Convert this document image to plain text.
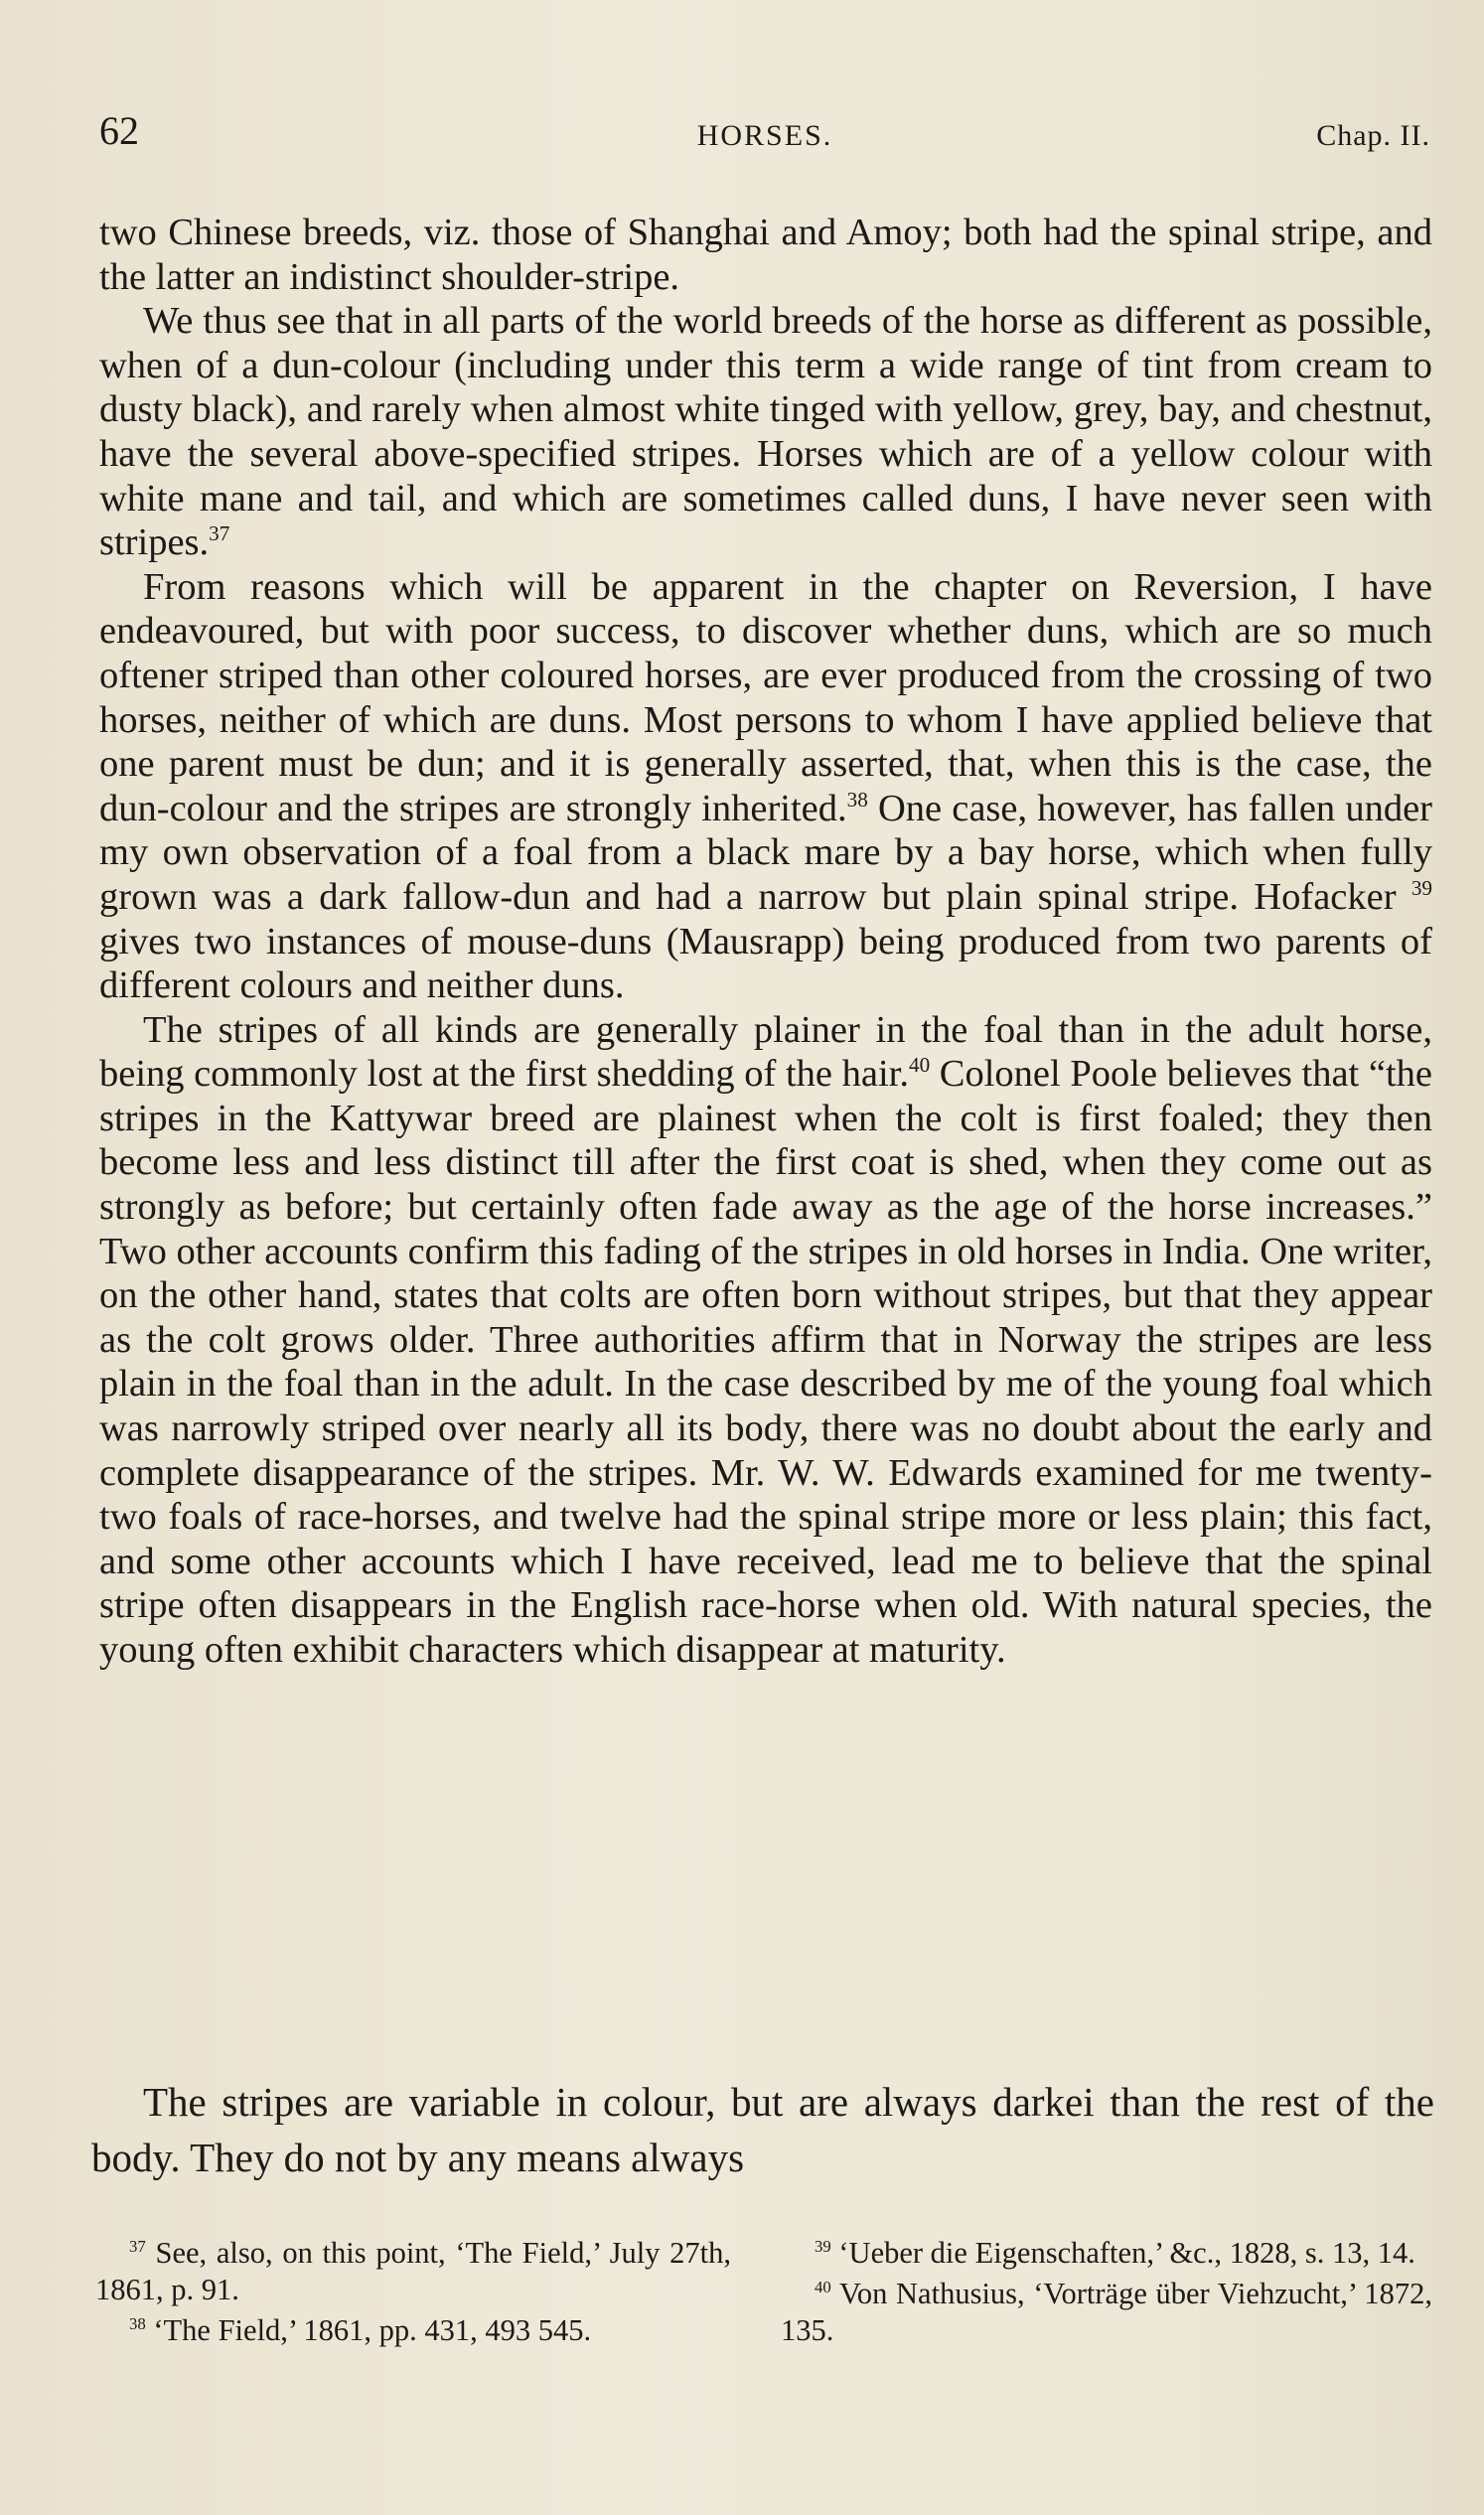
62	HORSES.	Chap. II.

two Chinese breeds, viz. those of Shanghai and Amoy; both had the spinal stripe, and the latter an indistinct shoulder-stripe.

We thus see that in all parts of the world breeds of the horse as different as possible, when of a dun-colour (including under this term a wide range of tint from cream to dusty black), and rarely when almost white tinged with yellow, grey, bay, and chestnut, have the several above-specified stripes. Horses which are of a yellow colour with white mane and tail, and which are sometimes called duns, I have never seen with stripes.$^{37}$

From reasons which will be apparent in the chapter on Reversion, I have endeavoured, but with poor success, to discover whether duns, which are so much oftener striped than other coloured horses, are ever produced from the crossing of two horses, neither of which are duns. Most persons to whom I have applied believe that one parent must be dun; and it is generally asserted, that, when this is the case, the dun-colour and the stripes are strongly inherited.$^{38}$ One case, however, has fallen under my own observation of a foal from a black mare by a bay horse, which when fully grown was a dark fallow-dun and had a narrow but plain spinal stripe. Hofacker $^{39}$ gives two instances of mouse-duns (Mausrapp) being produced from two parents of different colours and neither duns.

The stripes of all kinds are generally plainer in the foal than in the adult horse, being commonly lost at the first shedding of the hair.$^{40}$ Colonel Poole believes that “the stripes in the Kattywar breed are plainest when the colt is first foaled; they then become less and less distinct till after the first coat is shed, when they come out as strongly as before; but certainly often fade away as the age of the horse increases.” Two other accounts confirm this fading of the stripes in old horses in India. One writer, on the other hand, states that colts are often born without stripes, but that they appear as the colt grows older. Three authorities affirm that in Norway the stripes are less plain in the foal than in the adult. In the case described by me of the young foal which was narrowly striped over nearly all its body, there was no doubt about the early and complete disappearance of the stripes. Mr. W. W. Edwards examined for me twenty-two foals of race-horses, and twelve had the spinal stripe more or less plain; this fact, and some other accounts which I have received, lead me to believe that the spinal stripe often disappears in the English race-horse when old. With natural species, the young often exhibit characters which disappear at maturity.

The stripes are variable in colour, but are always darkei than the rest of the body. They do not by any means always

$^{37}$ See, also, on this point, ‘The Field,’ July 27th, 1861, p. 91.

$^{38}$ ‘The Field,’ 1861, pp. 431, 493 545.

$^{39}$ ‘Ueber die Eigenschaften,’ &c., 1828, s. 13, 14.

$^{40}$ Von Nathusius, ‘Vorträge über Viehzucht,’ 1872, 135.
